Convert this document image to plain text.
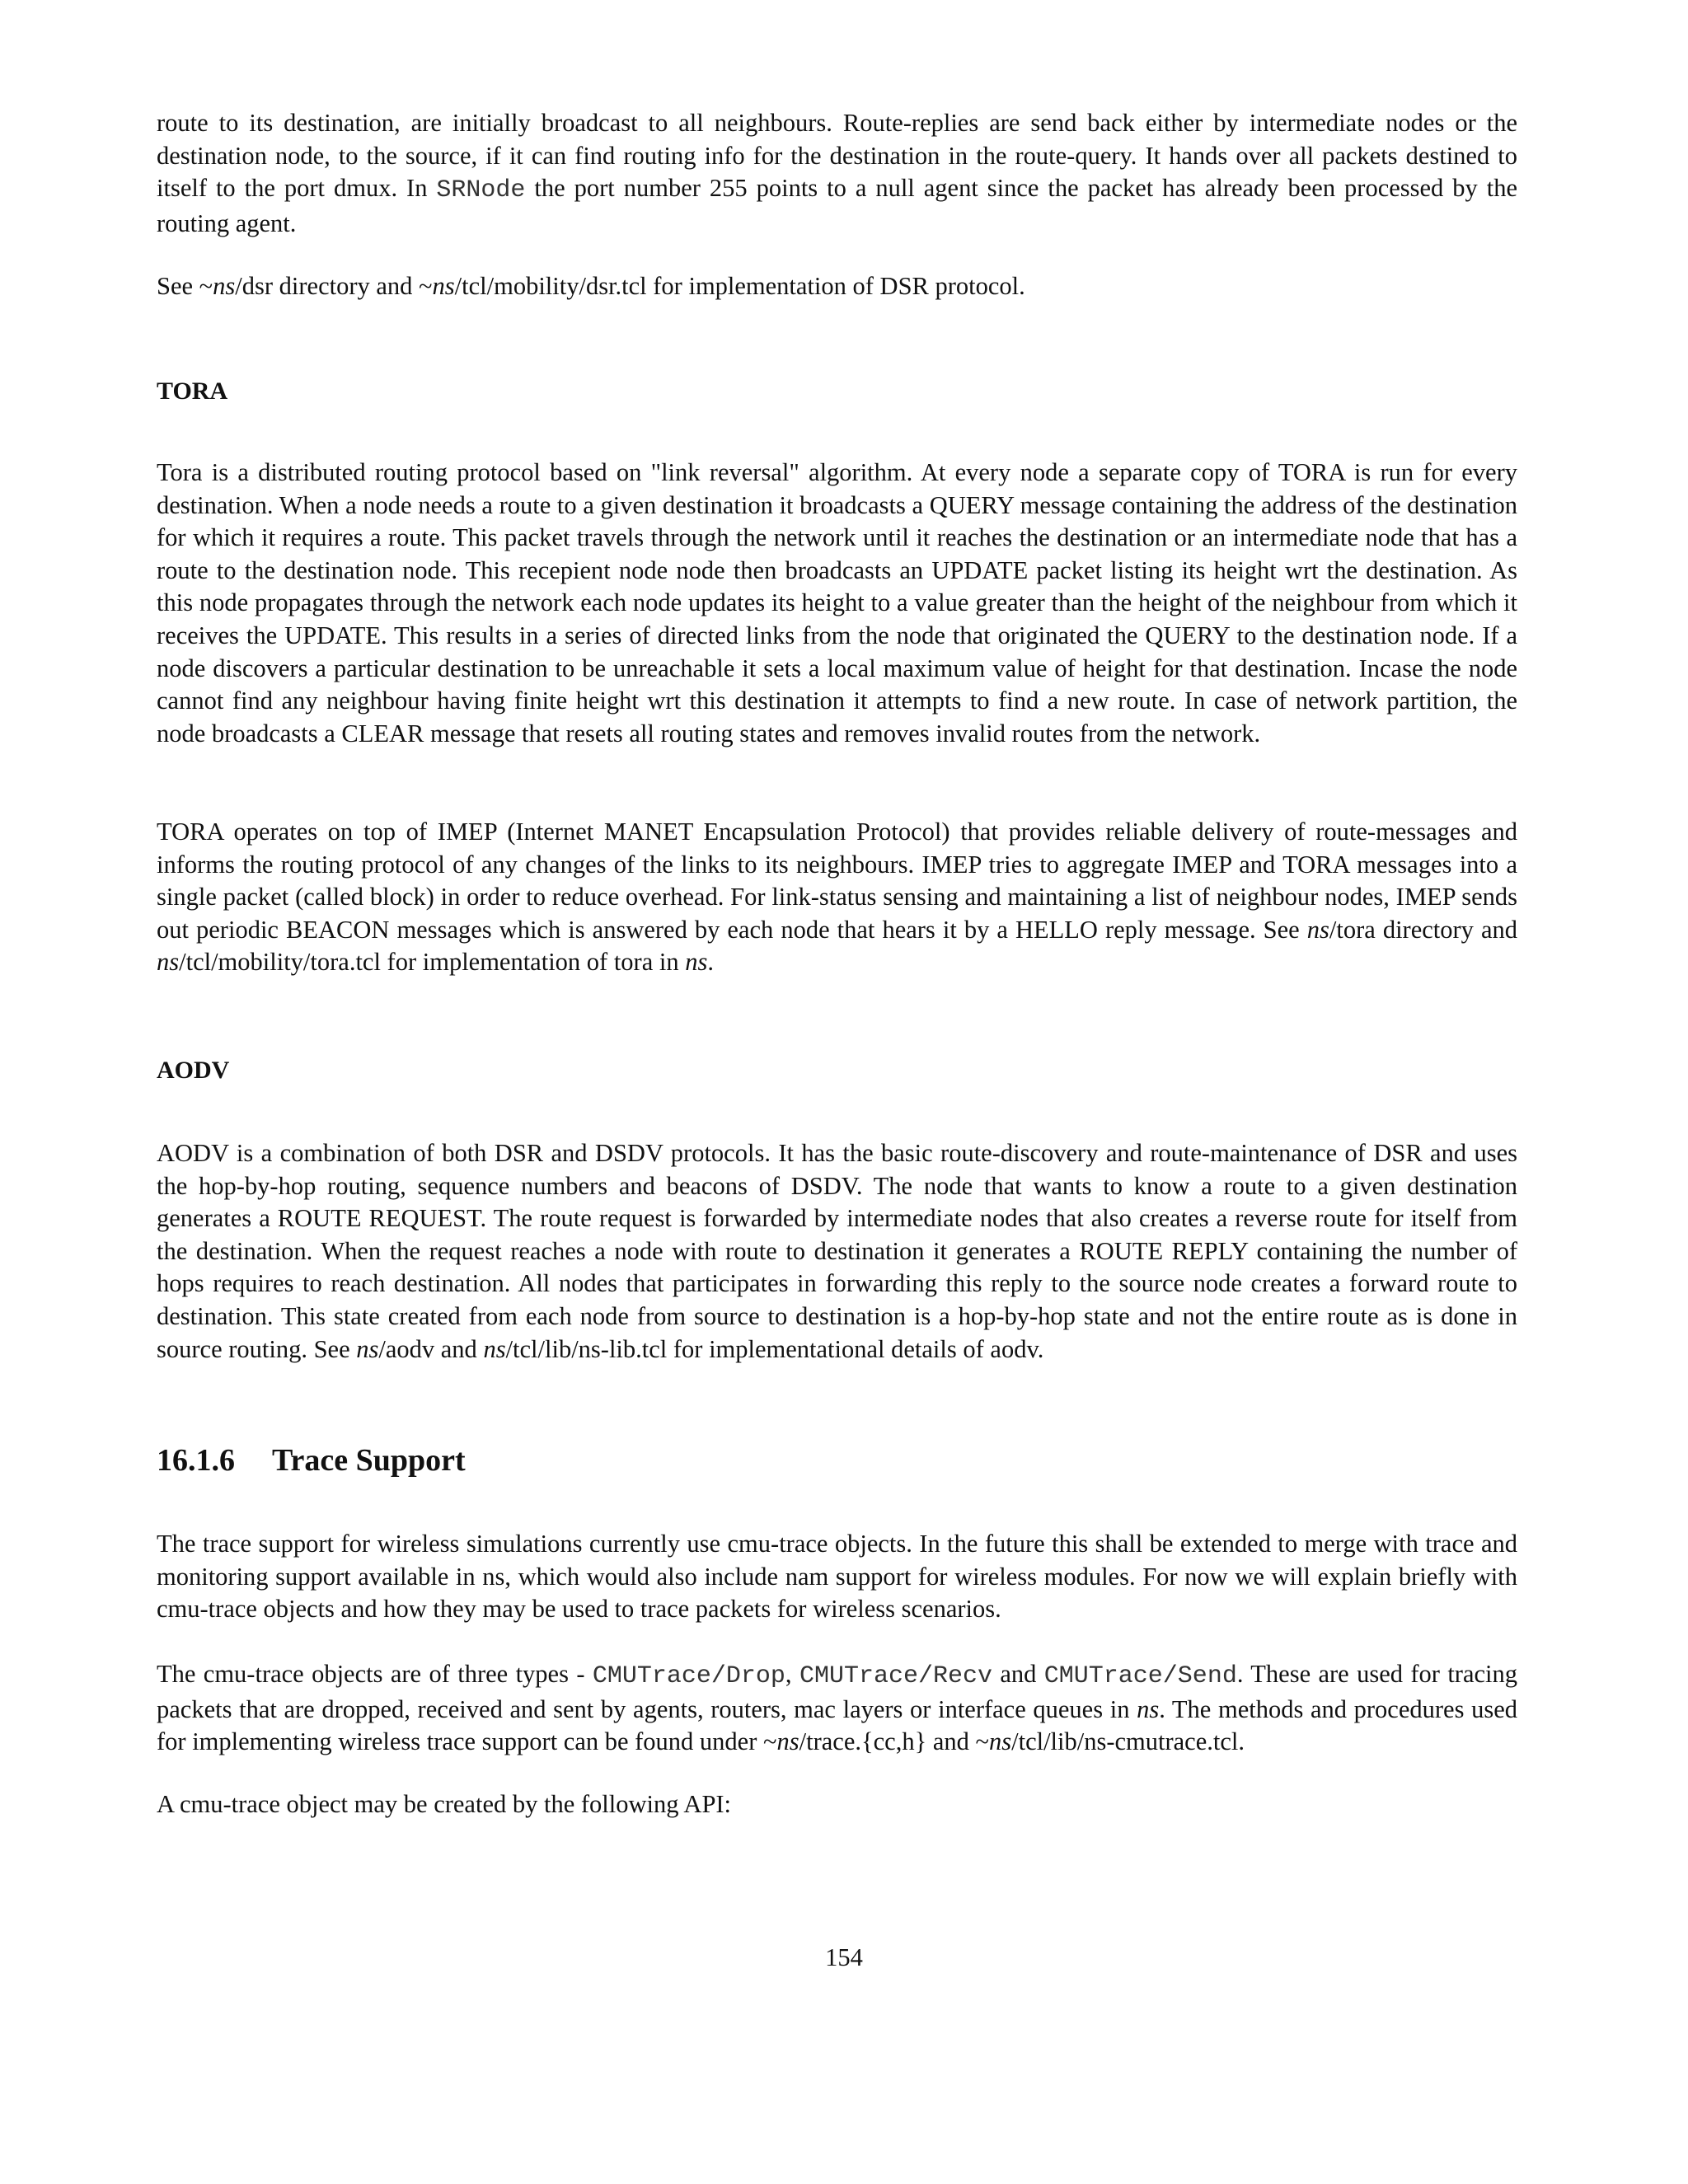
route to its destination, are initially broadcast to all neighbours. Route-replies are send back either by intermediate nodes or the destination node, to the source, if it can find routing info for the destination in the route-query. It hands over all packets destined to itself to the port dmux. In SRNode the port number 255 points to a null agent since the packet has already been processed by the routing agent.

See ~ns/dsr directory and ~ns/tcl/mobility/dsr.tcl for implementation of DSR protocol.

TORA

Tora is a distributed routing protocol based on "link reversal" algorithm. At every node a separate copy of TORA is run for every destination. When a node needs a route to a given destination it broadcasts a QUERY message containing the address of the destination for which it requires a route. This packet travels through the network until it reaches the destination or an intermediate node that has a route to the destination node. This recepient node node then broadcasts an UPDATE packet listing its height wrt the destination. As this node propagates through the network each node updates its height to a value greater than the height of the neighbour from which it receives the UPDATE. This results in a series of directed links from the node that originated the QUERY to the destination node. If a node discovers a particular destination to be unreachable it sets a local maximum value of height for that destination. Incase the node cannot find any neighbour having finite height wrt this destination it attempts to find a new route. In case of network partition, the node broadcasts a CLEAR message that resets all routing states and removes invalid routes from the network.

TORA operates on top of IMEP (Internet MANET Encapsulation Protocol) that provides reliable delivery of route-messages and informs the routing protocol of any changes of the links to its neighbours. IMEP tries to aggregate IMEP and TORA messages into a single packet (called block) in order to reduce overhead. For link-status sensing and maintaining a list of neighbour nodes, IMEP sends out periodic BEACON messages which is answered by each node that hears it by a HELLO reply message. See ns/tora directory and ns/tcl/mobility/tora.tcl for implementation of tora in ns.

AODV

AODV is a combination of both DSR and DSDV protocols. It has the basic route-discovery and route-maintenance of DSR and uses the hop-by-hop routing, sequence numbers and beacons of DSDV. The node that wants to know a route to a given destination generates a ROUTE REQUEST. The route request is forwarded by intermediate nodes that also creates a reverse route for itself from the destination. When the request reaches a node with route to destination it generates a ROUTE REPLY containing the number of hops requires to reach destination. All nodes that participates in forwarding this reply to the source node creates a forward route to destination. This state created from each node from source to destination is a hop-by-hop state and not the entire route as is done in source routing. See ns/aodv and ns/tcl/lib/ns-lib.tcl for implementational details of aodv.

16.1.6 Trace Support

The trace support for wireless simulations currently use cmu-trace objects. In the future this shall be extended to merge with trace and monitoring support available in ns, which would also include nam support for wireless modules. For now we will explain briefly with cmu-trace objects and how they may be used to trace packets for wireless scenarios.

The cmu-trace objects are of three types - CMUTrace/Drop, CMUTrace/Recv and CMUTrace/Send. These are used for tracing packets that are dropped, received and sent by agents, routers, mac layers or interface queues in ns. The methods and procedures used for implementing wireless trace support can be found under ~ns/trace.{cc,h} and ~ns/tcl/lib/ns-cmutrace.tcl.

A cmu-trace object may be created by the following API:

154
